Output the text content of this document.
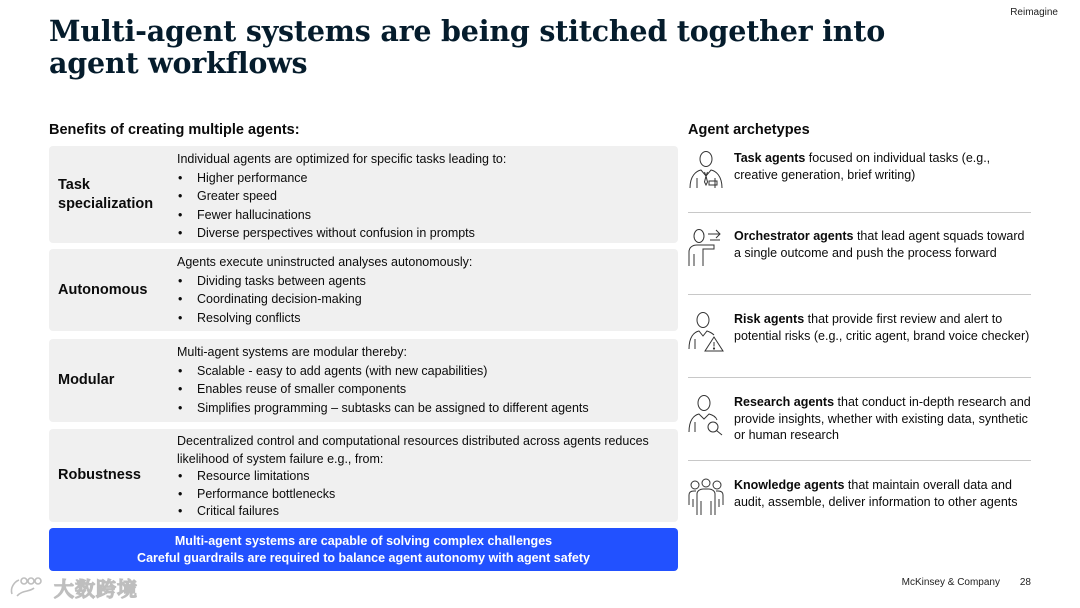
Reimagine
Multi-agent systems are being stitched together into agent workflows
Benefits of creating multiple agents:	Agent archetypes
Task specialization
Individual agents are optimized for specific tasks leading to:
• Higher performance
• Greater speed
• Fewer hallucinations
• Diverse perspectives without confusion in prompts
Autonomous
Agents execute uninstructed analyses autonomously:
• Dividing tasks between agents
• Coordinating decision-making
• Resolving conflicts
Modular
Multi-agent systems are modular thereby:
• Scalable - easy to add agents (with new capabilities)
• Enables reuse of smaller components
• Simplifies programming – subtasks can be assigned to different agents
Robustness
Decentralized control and computational resources distributed across agents reduces likelihood of system failure e.g., from:
• Resource limitations
• Performance bottlenecks
• Critical failures
Multi-agent systems are capable of solving complex challenges
Careful guardrails are required to balance agent autonomy with agent safety
Task agents focused on individual tasks (e.g., creative generation, brief writing)
Orchestrator agents that lead agent squads toward a single outcome and push the process forward
Risk agents that provide first review and alert to potential risks (e.g., critic agent, brand voice checker)
Research agents that conduct in-depth research and provide insights, whether with existing data, synthetic or human research
Knowledge agents that maintain overall data and audit, assemble, deliver information to other agents
McKinsey & Company 28
大数跨境
